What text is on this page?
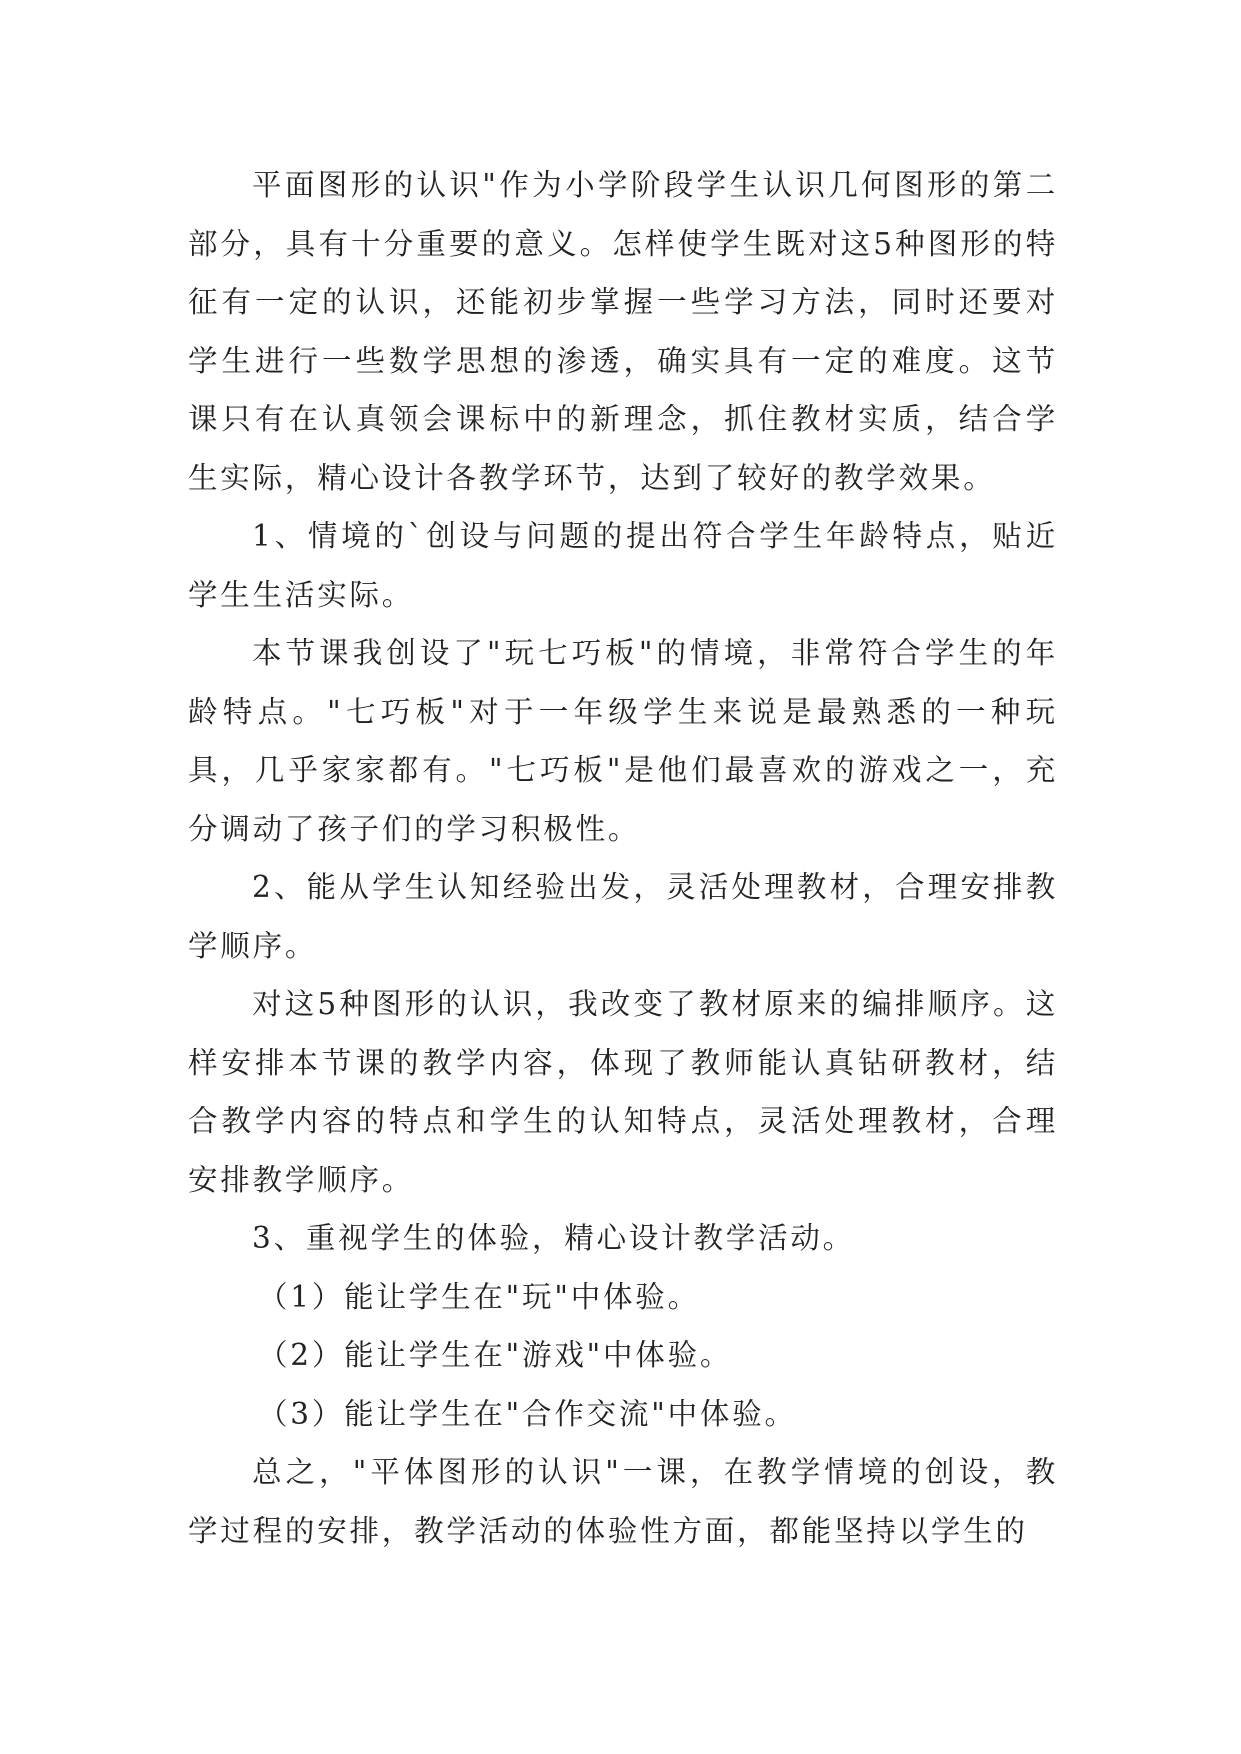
平面图形的认识"作为小学阶段学生认识几何图形的第二部分，具有十分重要的意义。怎样使学生既对这5种图形的特征有一定的认识，还能初步掌握一些学习方法，同时还要对学生进行一些数学思想的渗透，确实具有一定的难度。这节课只有在认真领会课标中的新理念，抓住教材实质，结合学生实际，精心设计各教学环节，达到了较好的教学效果。

1、情境的`创设与问题的提出符合学生年龄特点，贴近学生生活实际。

本节课我创设了"玩七巧板"的情境，非常符合学生的年龄特点。"七巧板"对于一年级学生来说是最熟悉的一种玩具，几乎家家都有。"七巧板"是他们最喜欢的游戏之一，充分调动了孩子们的学习积极性。

2、能从学生认知经验出发，灵活处理教材，合理安排教学顺序。

对这5种图形的认识，我改变了教材原来的编排顺序。这样安排本节课的教学内容，体现了教师能认真钻研教材，结合教学内容的特点和学生的认知特点，灵活处理教材，合理安排教学顺序。

3、重视学生的体验，精心设计教学活动。

（1）能让学生在"玩"中体验。

（2）能让学生在"游戏"中体验。

（3）能让学生在"合作交流"中体验。

总之，"平体图形的认识"一课，在教学情境的创设，教学过程的安排，教学活动的体验性方面，都能坚持以学生的
